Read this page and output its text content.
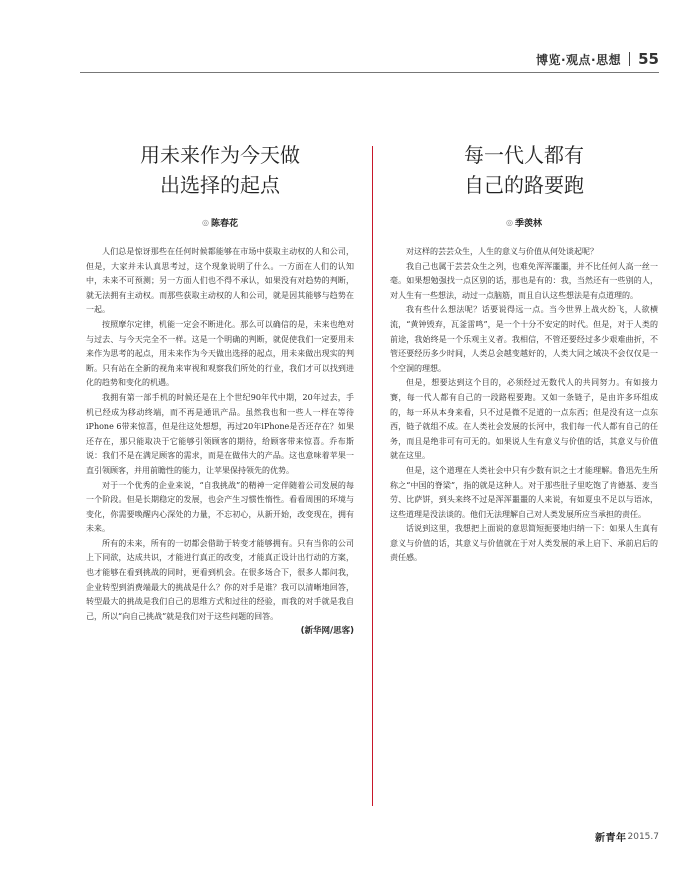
博览·观点·思想 55
用未来作为今天做
出选择的起点
◎ 陈春花

人们总是惊讶那些在任何时候都能够在市场中获取主动权的人和公司，但是，大家并未认真思考过，这个现象说明了什么。一方面在人们的认知中，未来不可预测；另一方面人们也不得不承认，如果没有对趋势的判断，就无法拥有主动权。而那些获取主动权的人和公司，就是因其能够与趋势在一起。

按照摩尔定律，机能一定会不断进化。那么可以确信的是，未来也绝对与过去、与今天完全不一样。这是一个明确的判断，就促使我们一定要用未来作为思考的起点，用未来作为今天做出选择的起点，用未来做出现实的判断。只有站在全新的视角来审视和观察我们所处的行业，我们才可以找到进化的趋势和变化的机遇。

我拥有第一部手机的时候还是在上个世纪90年代中期，20年过去，手机已经成为移动终端，而不再是通讯产品。虽然我也和一些人一样在等待iPhone 6带来惊喜，但是往这处想想，再过20年iPhone是否还存在？如果还存在，那只能取决于它能够引领顾客的期待，给顾客带来惊喜。乔布斯说：我们不是在满足顾客的需求，而是在做伟大的产品。这也意味着苹果一直引领顾客，并用前瞻性的能力，让苹果保持领先的优势。

对于一个优秀的企业来说，“自我挑战”的精神一定伴随着公司发展的每一个阶段。但是长期稳定的发展，也会产生习惯性惰性。看看周围的环境与变化，你需要唤醒内心深处的力量，不忘初心，从新开始，改变现在，拥有未来。

所有的未来，所有的一切都会借助于转变才能够拥有。只有当你的公司上下同欲，达成共识，才能进行真正的改变，才能真正设计出行动的方案，也才能够在看到挑战的同时，更看到机会。在很多场合下，很多人都问我，企业转型到消费端最大的挑战是什么？你的对手是谁？我可以清晰地回答，转型最大的挑战是我们自己的思维方式和过往的经验，而我的对手就是我自己，所以“向自己挑战”就是我们对于这些问题的回答。

(新华网/思客)
每一代人都有
自己的路要跑
◎ 季羡林

对这样的芸芸众生，人生的意义与价值从何处谈起呢？

我自己也属于芸芸众生之列，也难免浑浑噩噩，并不比任何人高一丝一毫。如果想勉强找一点区别的话，那也是有的：我，当然还有一些别的人，对人生有一些想法，动过一点脑筋，而且自认这些想法是有点道理的。

我有些什么想法呢？话要说得远一点。当今世界上战火纷飞，人欲横流，“黄钟毁弃，瓦釜雷鸣”，是一个十分不安定的时代。但是，对于人类的前途，我始终是一个乐观主义者。我相信，不管还要经过多少艰难曲折，不管还要经历多少时间，人类总会越变越好的，人类大同之域决不会仅仅是一个空洞的理想。

但是，想要达到这个目的，必须经过无数代人的共同努力。有如接力赛，每一代人都有自己的一段路程要跑。又如一条链子，是由许多环组成的，每一环从本身来看，只不过是微不足道的一点东西；但是没有这一点东西，链子就组不成。在人类社会发展的长河中，我们每一代人都有自己的任务，而且是绝非可有可无的。如果说人生有意义与价值的话，其意义与价值就在这里。

但是，这个道理在人类社会中只有少数有识之士才能理解。鲁迅先生所称之“中国的脊梁”，指的就是这种人。对于那些肚子里吃饱了肯德基、麦当劳、比萨饼，到头来终不过是浑浑噩噩的人来说，有如夏虫不足以与语冰，这些道理是没法谈的。他们无法理解自己对人类发展所应当承担的责任。

话说到这里，我想把上面说的意思简短扼要地归纳一下：如果人生真有意义与价值的话，其意义与价值就在于对人类发展的承上启下、承前启后的责任感。

新青年 2015.7
